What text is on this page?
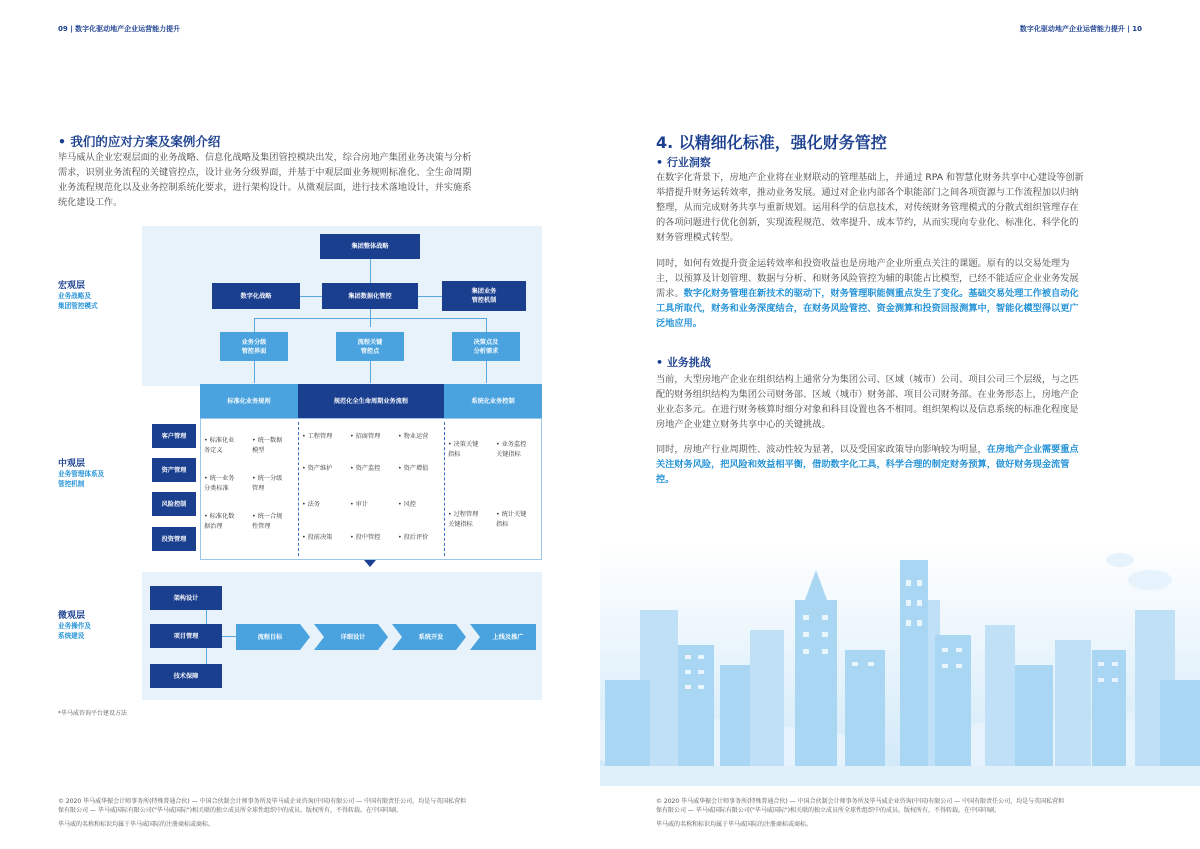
09 | 数字化驱动地产企业运营能力提升	数字化驱动地产企业运营能力提升 | 10
• 我们的应对方案及案例介绍
毕马威从企业宏观层面的业务战略、信息化战略及集团管控模块出发，综合房地产集团业务决策与分析需求，识别业务流程的关键管控点，设计业务分级界面，并基于中观层面业务规则标准化、全生命周期业务流程规范化以及业务控制系统化要求，进行架构设计。从微观层面，进行技术落地设计，并实施系统化建设工作。
宏观层
业务战略及
集团管控模式
中观层
业务管理体系及
管控机制
微观层
业务操作及
系统建设
集团整体战略
数字化战略	集团数据化管控
集团业务
管控机制
业务分级
管控界面
流程关键
管控点
决策点及
分析需求
标准化业务规则	规范化全生命周期业务流程	系统化业务控制
客户管理
资产管理
风险控制
投资管理
• 标准化业
务定义
• 统一数据
模型
• 统一业务
分类标准
• 统一分级
管理
• 标准化数
据治理
• 统一合规
性管理
• 工程管理	• 招商管理	• 物业运营
• 资产维护	• 资产监控	• 资产增值
• 法务	• 审计	• 风控
• 投前决策	• 投中管控	• 投后评价
• 决策关键
指标
• 业务监控
关键指标
• 过程管理
关键指标
• 统计关键
指标
架构设计
项目管理
技术保障
流程目标	详细设计	系统开发	上线及推广
*毕马威咨询平台建设方法
4. 以精细化标准，强化财务管控
• 行业洞察
在数字化背景下，房地产企业将在业财联动的管理基础上，并通过 RPA 和智慧化财务共享中心建设等创新举措提升财务运转效率，推动业务发展。通过对企业内部各个职能部门之间各项资源与工作流程加以归纳整理，从而完成财务共享与重新规划。运用科学的信息技术，对传统财务管理模式的分散式组织管理存在的各项问题进行优化创新，实现流程规范、效率提升、成本节约，从而实现向专业化、标准化、科学化的财务管理模式转型。
同时，如何有效提升资金运转效率和投资收益也是房地产企业所重点关注的课题。原有的以交易处理为主，以预算及计划管理、数据与分析、和财务风险管控为辅的职能占比模型，已经不能适应企业业务发展需求。数字化财务管理在新技术的驱动下，财务管理职能侧重点发生了变化。基础交易处理工作被自动化工具所取代，财务和业务深度结合，在财务风险管控、资金测算和投资回报测算中，智能化模型得以更广泛地应用。
• 业务挑战
当前，大型房地产企业在组织结构上通常分为集团公司、区域（城市）公司、项目公司三个层级，与之匹配的财务组织结构为集团公司财务部、区域（城市）财务部、项目公司财务部。在业务形态上，房地产企业业态多元。在进行财务核算时细分对象和科目设置也各不相同。组织架构以及信息系统的标准化程度是房地产企业建立财务共享中心的关键挑战。
同时，房地产行业周期性、波动性较为显著，以及受国家政策导向影响较为明显，在房地产企业需要重点关注财务风险，把风险和效益相平衡，借助数字化工具，科学合理的制定财务预算，做好财务现金流管控。
© 2020 毕马威华振会计师事务所(特殊普通合伙) — 中国合伙制会计师事务所及毕马威企业咨询(中国)有限公司 — 中国有限责任公司，均是与英国私营担
保有限公司 — 毕马威国际有限公司("毕马威国际")相关联的独立成员所全球性组织中的成员。版权所有，不得转载。在中国印刷。
毕马威的名称和标识均属于毕马威国际的注册商标或商标。
© 2020 毕马威华振会计师事务所(特殊普通合伙) — 中国合伙制会计师事务所及毕马威企业咨询(中国)有限公司 — 中国有限责任公司，均是与英国私营担
保有限公司 — 毕马威国际有限公司("毕马威国际")相关联的独立成员所全球性组织中的成员。版权所有，不得转载。在中国印刷。
毕马威的名称和标识均属于毕马威国际的注册商标或商标。
